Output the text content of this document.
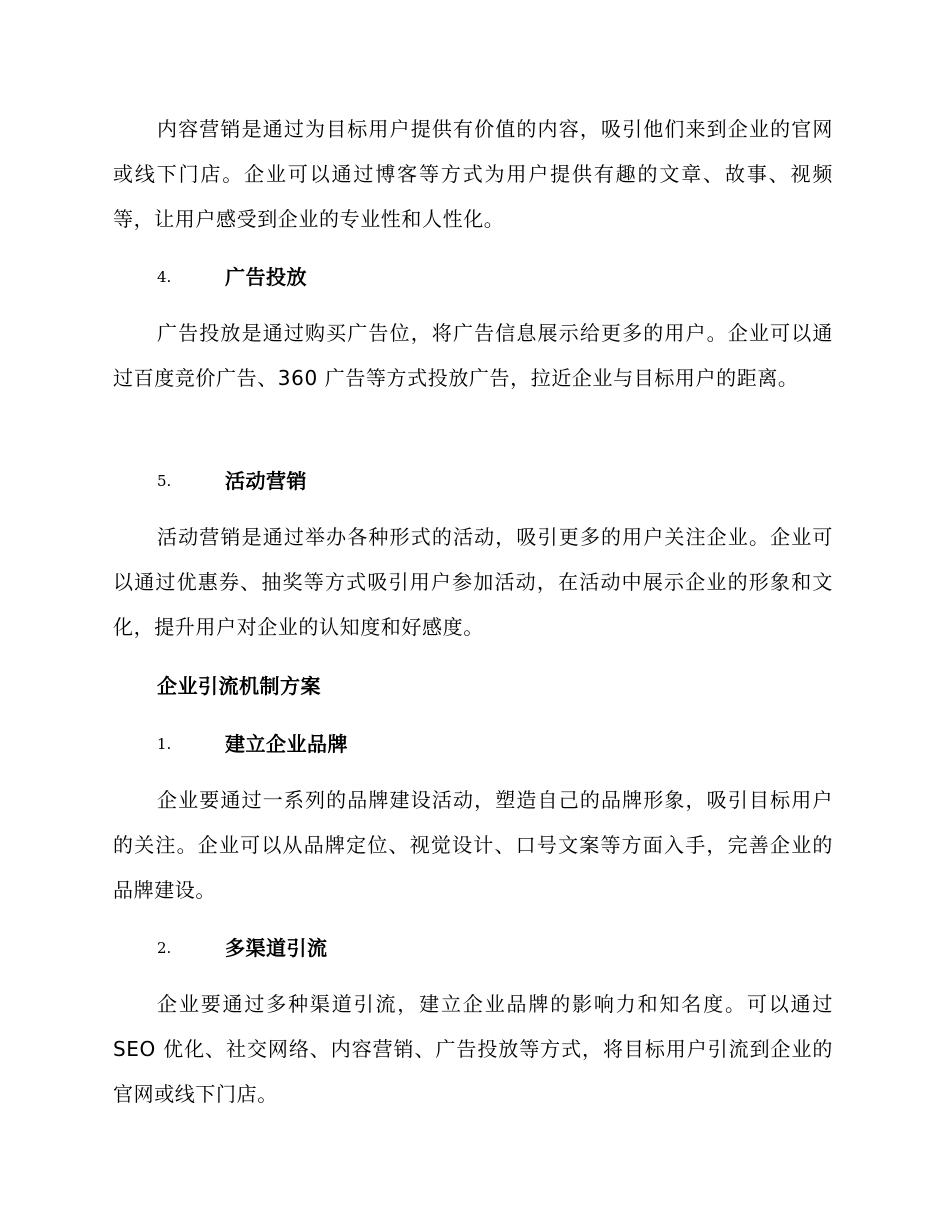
内容营销是通过为目标用户提供有价值的内容，吸引他们来到企业的官网或线下门店。企业可以通过博客等方式为用户提供有趣的文章、故事、视频等，让用户感受到企业的专业性和人性化。

4.	广告投放

广告投放是通过购买广告位，将广告信息展示给更多的用户。企业可以通过百度竞价广告、360 广告等方式投放广告，拉近企业与目标用户的距离。

5.	活动营销

活动营销是通过举办各种形式的活动，吸引更多的用户关注企业。企业可以通过优惠券、抽奖等方式吸引用户参加活动，在活动中展示企业的形象和文化，提升用户对企业的认知度和好感度。

企业引流机制方案
1.	建立企业品牌

企业要通过一系列的品牌建设活动，塑造自己的品牌形象，吸引目标用户的关注。企业可以从品牌定位、视觉设计、口号文案等方面入手，完善企业的品牌建设。

2.	多渠道引流

企业要通过多种渠道引流，建立企业品牌的影响力和知名度。可以通过 SEO 优化、社交网络、内容营销、广告投放等方式，将目标用户引流到企业的官网或线下门店。
